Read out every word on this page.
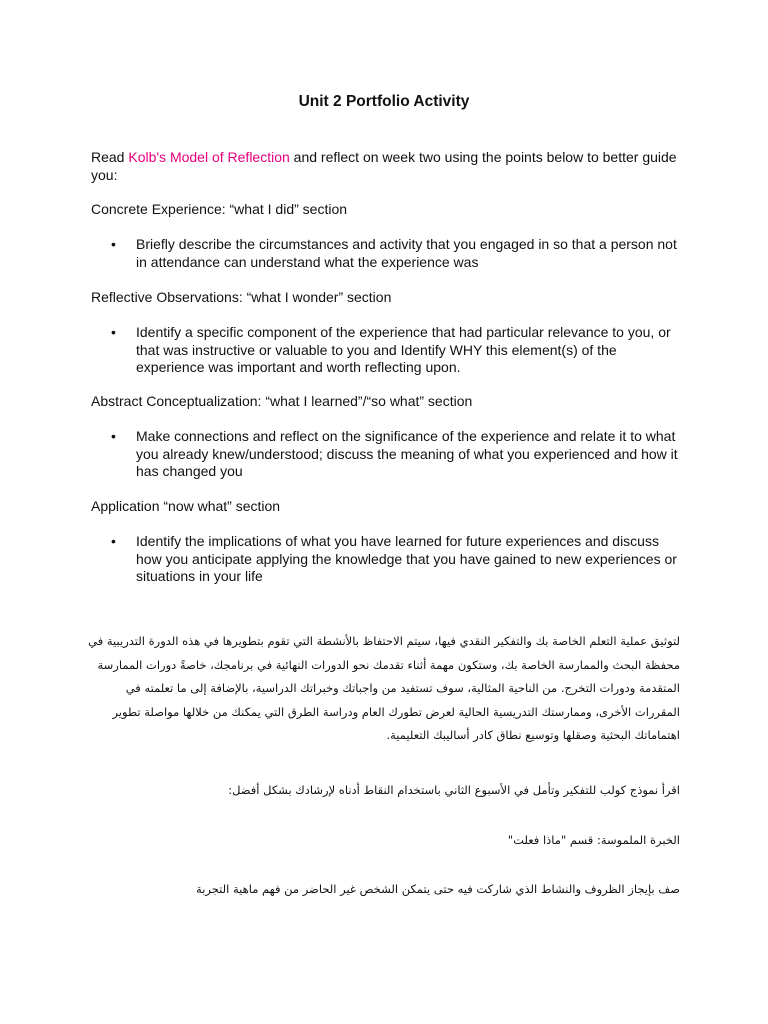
Unit 2 Portfolio Activity
Read Kolb's Model of Reflection and reflect on week two using the points below to better guide you:
Concrete Experience: “what I did” section
• Briefly describe the circumstances and activity that you engaged in so that a person not in attendance can understand what the experience was
Reflective Observations: “what I wonder” section
• Identify a specific component of the experience that had particular relevance to you, or that was instructive or valuable to you and Identify WHY this element(s) of the experience was important and worth reflecting upon.
Abstract Conceptualization: “what I learned”/“so what” section
• Make connections and reflect on the significance of the experience and relate it to what you already knew/understood; discuss the meaning of what you experienced and how it has changed you
Application “now what” section
• Identify the implications of what you have learned for future experiences and discuss how you anticipate applying the knowledge that you have gained to new experiences or situations in your life
لتوثيق عملية التعلم الخاصة بك والتفكير النقدي فيها، سيتم الاحتفاظ بالأنشطة التي تقوم بتطويرها في هذه الدورة التدريبية في محفظة البحث والممارسة الخاصة بك، وستكون مهمة أثناء تقدمك نحو الدورات النهائية في برنامجك، خاصةً دورات الممارسة المتقدمة ودورات التخرج. من الناحية المثالية، سوف تستفيد من واجباتك وخبراتك الدراسية، بالإضافة إلى ما تعلمته في المقررات الأخرى، وممارستك التدريسية الحالية لعرض تطورك العام ودراسة الطرق التي يمكنك من خلالها مواصلة تطوير اهتماماتك البحثية وصقلها وتوسيع نطاق كادر أساليبك التعليمية.
اقرأ نموذج كولب للتفكير وتأمل في الأسبوع الثاني باستخدام النقاط أدناه لإرشادك بشكل أفضل:
الخبرة الملموسة: قسم "ماذا فعلت"
صف بإيجاز الظروف والنشاط الذي شاركت فيه حتى يتمكن الشخص غير الحاضر من فهم ماهية التجربة
